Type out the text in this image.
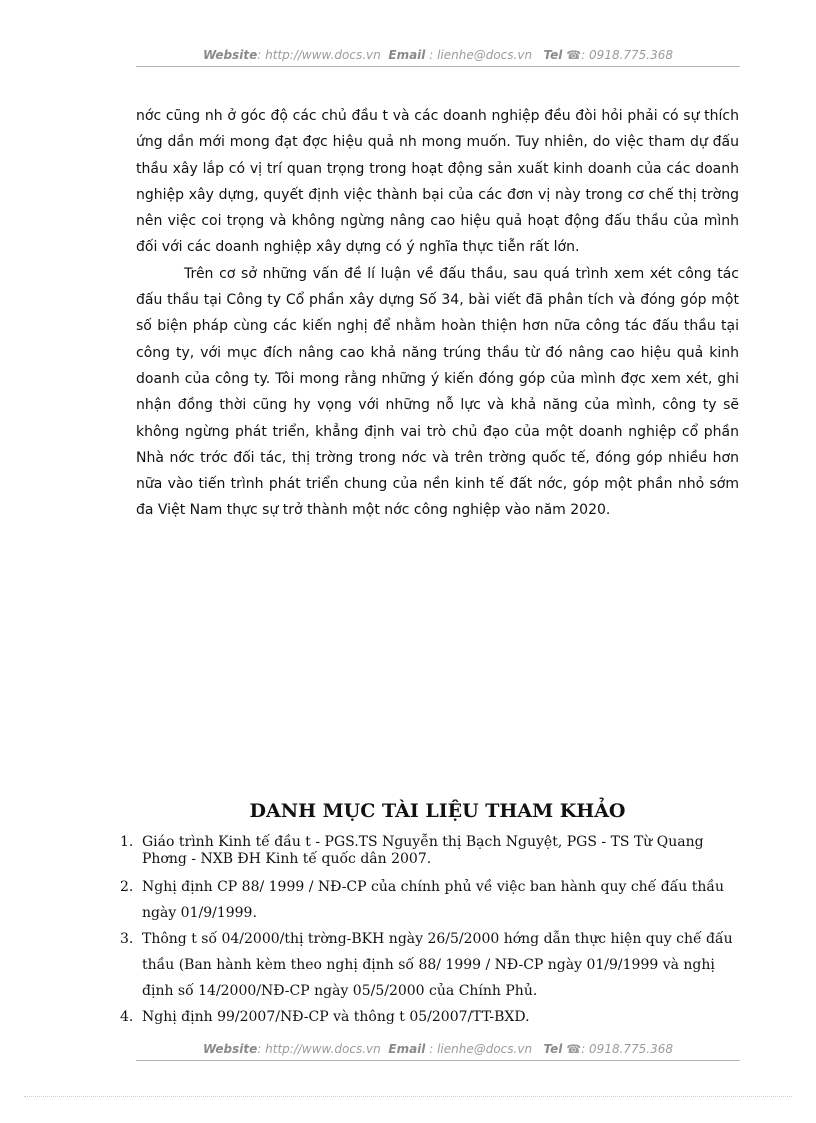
Website: http://www.docs.vn Email : lienhe@docs.vn Tel ☎: 0918.775.368

nớc cũng nh ở góc độ các chủ đầu t và các doanh nghiệp đều đòi hỏi phải có sự thích ứng dần mới mong đạt đợc hiệu quả nh mong muốn. Tuy nhiên, do việc tham dự đấu thầu xây lắp có vị trí quan trọng trong hoạt động sản xuất kinh doanh của các doanh nghiệp xây dựng, quyết định việc thành bại của các đơn vị này trong cơ chế thị trờng nên việc coi trọng và không ngừng nâng cao hiệu quả hoạt động đấu thầu của mình đối với các doanh nghiệp xây dựng có ý nghĩa thực tiễn rất lớn.

Trên cơ sở những vấn đề lí luận về đấu thầu, sau quá trình xem xét công tác đấu thầu tại Công ty Cổ phần xây dựng Số 34, bài viết đã phân tích và đóng góp một số biện pháp cùng các kiến nghị để nhằm hoàn thiện hơn nữa công tác đấu thầu tại công ty, với mục đích nâng cao khả năng trúng thầu từ đó nâng cao hiệu quả kinh doanh của công ty. Tôi mong rằng những ý kiến đóng góp của mình đợc xem xét, ghi nhận đồng thời cũng hy vọng với những nỗ lực và khả năng của mình, công ty sẽ không ngừng phát triển, khẳng định vai trò chủ đạo của một doanh nghiệp cổ phần Nhà nớc trớc đối tác, thị trờng trong nớc và trên trờng quốc tế, đóng góp nhiều hơn nữa vào tiến trình phát triển chung của nền kinh tế đất nớc, góp một phần nhỏ sớm đa Việt Nam thực sự trở thành một nớc công nghiệp vào năm 2020.

DANH MỤC TÀI LIỆU THAM KHẢO
1. Giáo trình Kinh tế đầu t - PGS.TS Nguyễn thị Bạch Nguyệt, PGS - TS Từ Quang Phơng - NXB ĐH Kinh tế quốc dân 2007.
2. Nghị định CP 88/ 1999 / NĐ-CP của chính phủ về việc ban hành quy chế đấu thầu ngày 01/9/1999.
3. Thông t số 04/2000/thị trờng-BKH ngày 26/5/2000 hớng dẫn thực hiện quy chế đấu thầu (Ban hành kèm theo nghị định số 88/ 1999 / NĐ-CP ngày 01/9/1999 và nghị định số 14/2000/NĐ-CP ngày 05/5/2000 của Chính Phủ.
4. Nghị định 99/2007/NĐ-CP và thông t 05/2007/TT-BXD.
Website: http://www.docs.vn Email : lienhe@docs.vn Tel ☎: 0918.775.368
